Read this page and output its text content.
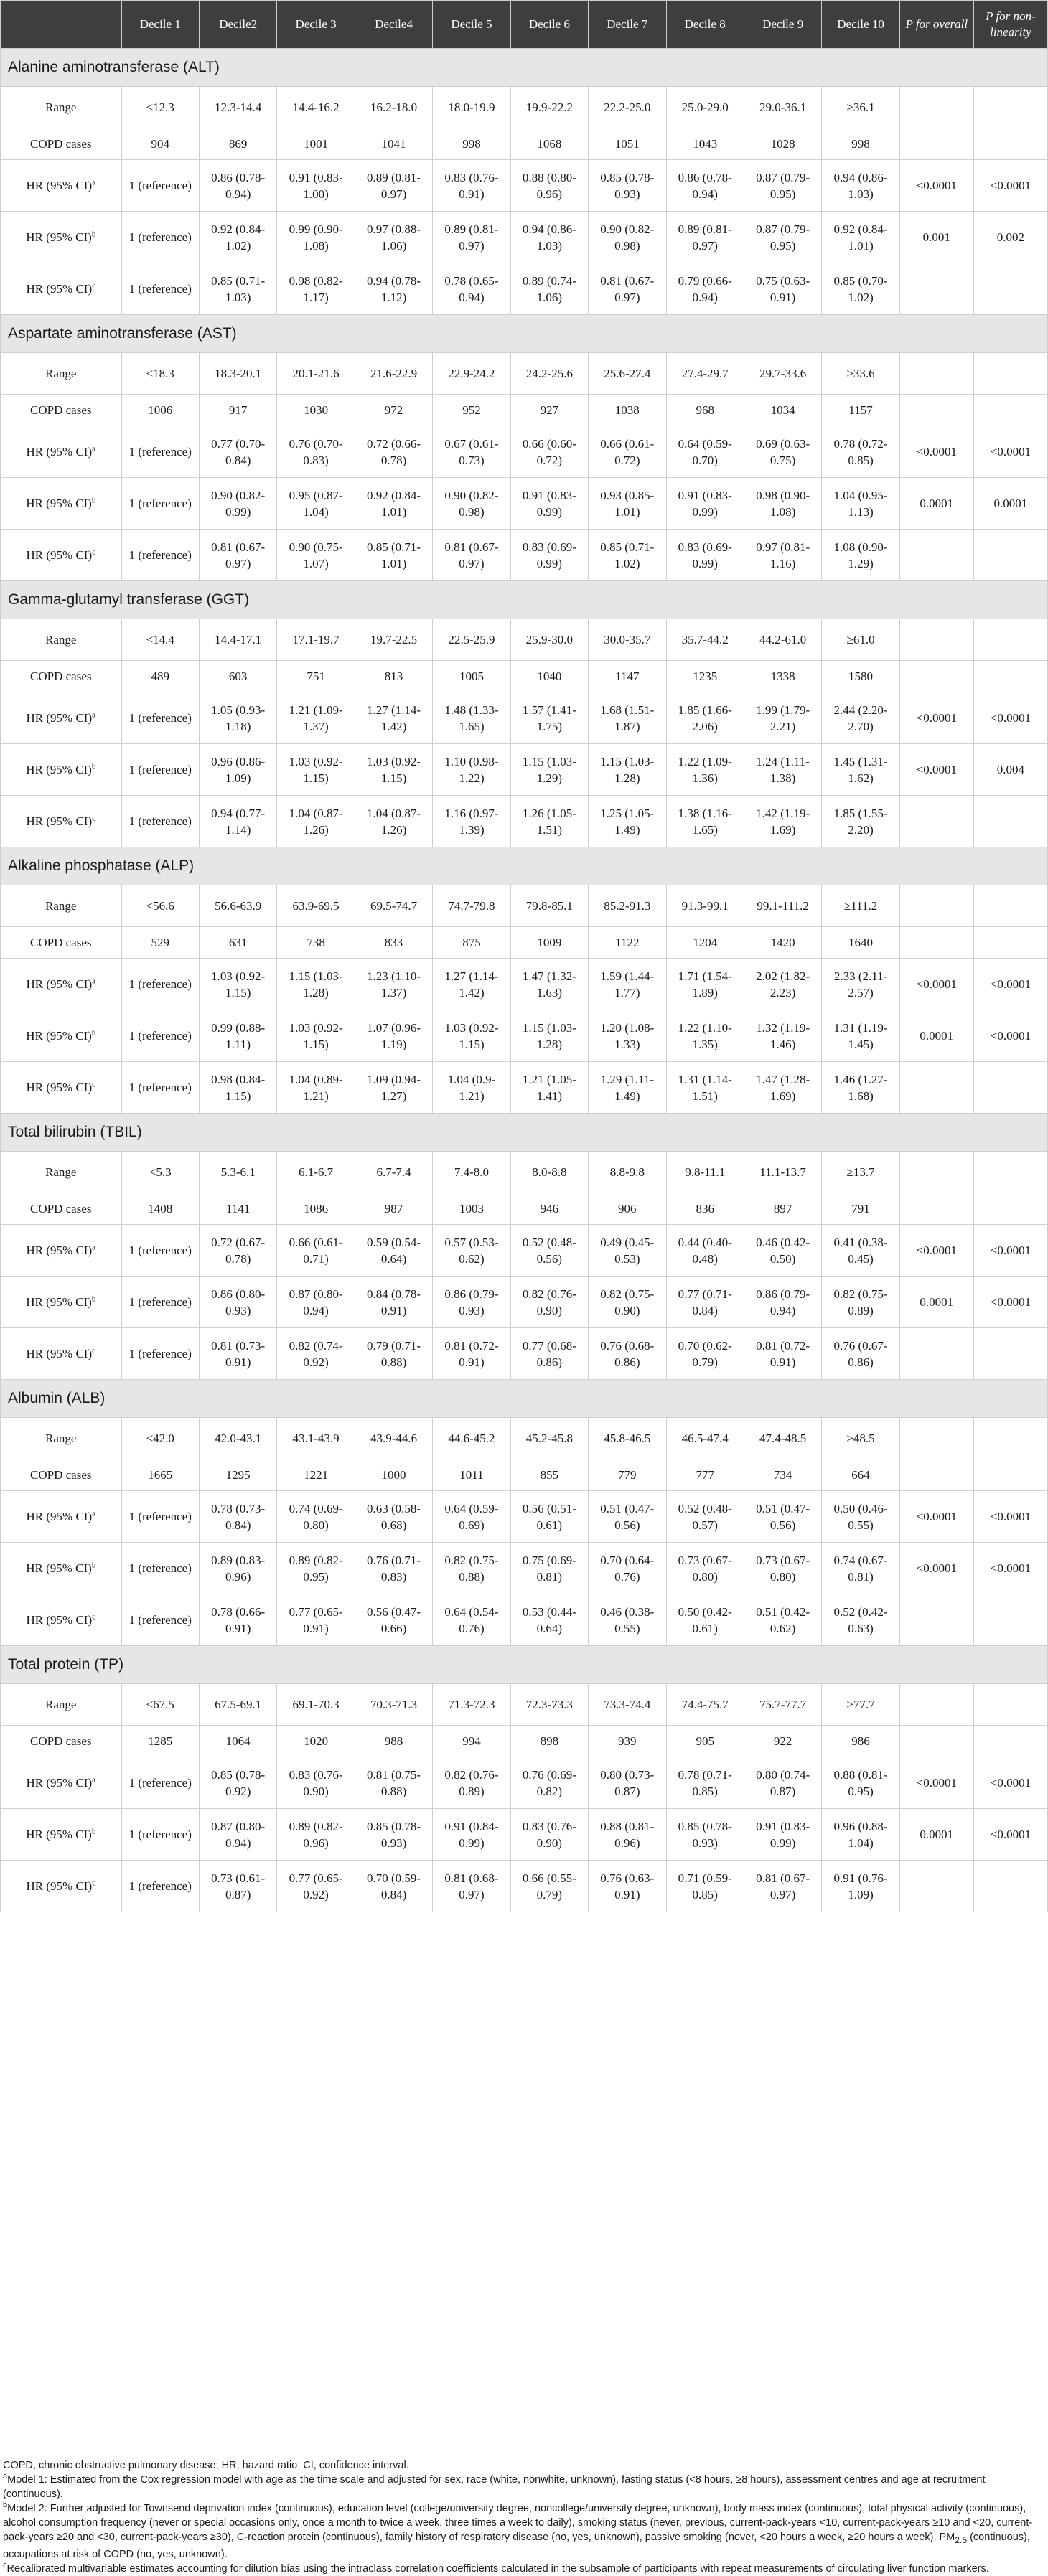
	Decile 1	Decile2	Decile 3	Decile4	Decile 5	Decile 6	Decile 7	Decile 8	Decile 9	Decile 10	P for overall	P for non-linearity
Alanine aminotransferase (ALT)												
Range	<12.3	12.3-14.4	14.4-16.2	16.2-18.0	18.0-19.9	19.9-22.2	22.2-25.0	25.0-29.0	29.0-36.1	≥36.1		
COPD cases	904	869	1001	1041	998	1068	1051	1043	1028	998		
HR (95% CI)$^a$	1 (reference)	0.86 (0.78-0.94)	0.91 (0.83-1.00)	0.89 (0.81-0.97)	0.83 (0.76-0.91)	0.88 (0.80-0.96)	0.85 (0.78-0.93)	0.86 (0.78-0.94)	0.87 (0.79-0.95)	0.94 (0.86-1.03)	<0.0001	<0.0001
HR (95% CI)$^b$	1 (reference)	0.92 (0.84-1.02)	0.99 (0.90-1.08)	0.97 (0.88-1.06)	0.89 (0.81-0.97)	0.94 (0.86-1.03)	0.90 (0.82-0.98)	0.89 (0.81-0.97)	0.87 (0.79-0.95)	0.92 (0.84-1.01)	0.001	0.002
HR (95% CI)$^c$	1 (reference)	0.85 (0.71-1.03)	0.98 (0.82-1.17)	0.94 (0.78-1.12)	0.78 (0.65-0.94)	0.89 (0.74-1.06)	0.81 (0.67-0.97)	0.79 (0.66-0.94)	0.75 (0.63-0.91)	0.85 (0.70-1.02)		
Aspartate aminotransferase (AST)												
Range	<18.3	18.3-20.1	20.1-21.6	21.6-22.9	22.9-24.2	24.2-25.6	25.6-27.4	27.4-29.7	29.7-33.6	≥33.6		
COPD cases	1006	917	1030	972	952	927	1038	968	1034	1157		
HR (95% CI)$^a$	1 (reference)	0.77 (0.70-0.84)	0.76 (0.70-0.83)	0.72 (0.66-0.78)	0.67 (0.61-0.73)	0.66 (0.60-0.72)	0.66 (0.61-0.72)	0.64 (0.59-0.70)	0.69 (0.63-0.75)	0.78 (0.72-0.85)	<0.0001	<0.0001
HR (95% CI)$^b$	1 (reference)	0.90 (0.82-0.99)	0.95 (0.87-1.04)	0.92 (0.84-1.01)	0.90 (0.82-0.98)	0.91 (0.83-0.99)	0.93 (0.85-1.01)	0.91 (0.83-0.99)	0.98 (0.90-1.08)	1.04 (0.95-1.13)	0.0001	0.0001
HR (95% CI)$^c$	1 (reference)	0.81 (0.67-0.97)	0.90 (0.75-1.07)	0.85 (0.71-1.01)	0.81 (0.67-0.97)	0.83 (0.69-0.99)	0.85 (0.71-1.02)	0.83 (0.69-0.99)	0.97 (0.81-1.16)	1.08 (0.90-1.29)		
Gamma-glutamyl transferase (GGT)												
Range	<14.4	14.4-17.1	17.1-19.7	19.7-22.5	22.5-25.9	25.9-30.0	30.0-35.7	35.7-44.2	44.2-61.0	≥61.0		
COPD cases	489	603	751	813	1005	1040	1147	1235	1338	1580		
HR (95% CI)$^a$	1 (reference)	1.05 (0.93-1.18)	1.21 (1.09-1.37)	1.27 (1.14-1.42)	1.48 (1.33-1.65)	1.57 (1.41-1.75)	1.68 (1.51-1.87)	1.85 (1.66-2.06)	1.99 (1.79-2.21)	2.44 (2.20-2.70)	<0.0001	<0.0001
HR (95% CI)$^b$	1 (reference)	0.96 (0.86-1.09)	1.03 (0.92-1.15)	1.03 (0.92-1.15)	1.10 (0.98-1.22)	1.15 (1.03-1.29)	1.15 (1.03-1.28)	1.22 (1.09-1.36)	1.24 (1.11-1.38)	1.45 (1.31-1.62)	<0.0001	0.004
HR (95% CI)$^c$	1 (reference)	0.94 (0.77-1.14)	1.04 (0.87-1.26)	1.04 (0.87-1.26)	1.16 (0.97-1.39)	1.26 (1.05-1.51)	1.25 (1.05-1.49)	1.38 (1.16-1.65)	1.42 (1.19-1.69)	1.85 (1.55-2.20)		
Alkaline phosphatase (ALP)												
Range	<56.6	56.6-63.9	63.9-69.5	69.5-74.7	74.7-79.8	79.8-85.1	85.2-91.3	91.3-99.1	99.1-111.2	≥111.2		
COPD cases	529	631	738	833	875	1009	1122	1204	1420	1640		
HR (95% CI)$^a$	1 (reference)	1.03 (0.92-1.15)	1.15 (1.03-1.28)	1.23 (1.10-1.37)	1.27 (1.14-1.42)	1.47 (1.32-1.63)	1.59 (1.44-1.77)	1.71 (1.54-1.89)	2.02 (1.82-2.23)	2.33 (2.11-2.57)	<0.0001	<0.0001
HR (95% CI)$^b$	1 (reference)	0.99 (0.88-1.11)	1.03 (0.92-1.15)	1.07 (0.96-1.19)	1.03 (0.92-1.15)	1.15 (1.03-1.28)	1.20 (1.08-1.33)	1.22 (1.10-1.35)	1.32 (1.19-1.46)	1.31 (1.19-1.45)	0.0001	<0.0001
HR (95% CI)$^c$	1 (reference)	0.98 (0.84-1.15)	1.04 (0.89-1.21)	1.09 (0.94-1.27)	1.04 (0.9-1.21)	1.21 (1.05-1.41)	1.29 (1.11-1.49)	1.31 (1.14-1.51)	1.47 (1.28-1.69)	1.46 (1.27-1.68)		
Total bilirubin (TBIL)												
Range	<5.3	5.3-6.1	6.1-6.7	6.7-7.4	7.4-8.0	8.0-8.8	8.8-9.8	9.8-11.1	11.1-13.7	≥13.7		
COPD cases	1408	1141	1086	987	1003	946	906	836	897	791		
HR (95% CI)$^a$	1 (reference)	0.72 (0.67-0.78)	0.66 (0.61-0.71)	0.59 (0.54-0.64)	0.57 (0.53-0.62)	0.52 (0.48-0.56)	0.49 (0.45-0.53)	0.44 (0.40-0.48)	0.46 (0.42-0.50)	0.41 (0.38-0.45)	<0.0001	<0.0001
HR (95% CI)$^b$	1 (reference)	0.86 (0.80-0.93)	0.87 (0.80-0.94)	0.84 (0.78-0.91)	0.86 (0.79-0.93)	0.82 (0.76-0.90)	0.82 (0.75-0.90)	0.77 (0.71-0.84)	0.86 (0.79-0.94)	0.82 (0.75-0.89)	0.0001	<0.0001
HR (95% CI)$^c$	1 (reference)	0.81 (0.73-0.91)	0.82 (0.74-0.92)	0.79 (0.71-0.88)	0.81 (0.72-0.91)	0.77 (0.68-0.86)	0.76 (0.68-0.86)	0.70 (0.62-0.79)	0.81 (0.72-0.91)	0.76 (0.67-0.86)		
Albumin (ALB)												
Range	<42.0	42.0-43.1	43.1-43.9	43.9-44.6	44.6-45.2	45.2-45.8	45.8-46.5	46.5-47.4	47.4-48.5	≥48.5		
COPD cases	1665	1295	1221	1000	1011	855	779	777	734	664		
HR (95% CI)$^a$	1 (reference)	0.78 (0.73-0.84)	0.74 (0.69-0.80)	0.63 (0.58-0.68)	0.64 (0.59-0.69)	0.56 (0.51-0.61)	0.51 (0.47-0.56)	0.52 (0.48-0.57)	0.51 (0.47-0.56)	0.50 (0.46-0.55)	<0.0001	<0.0001
HR (95% CI)$^b$	1 (reference)	0.89 (0.83-0.96)	0.89 (0.82-0.95)	0.76 (0.71-0.83)	0.82 (0.75-0.88)	0.75 (0.69-0.81)	0.70 (0.64-0.76)	0.73 (0.67-0.80)	0.73 (0.67-0.80)	0.74 (0.67-0.81)	<0.0001	<0.0001
HR (95% CI)$^c$	1 (reference)	0.78 (0.66-0.91)	0.77 (0.65-0.91)	0.56 (0.47-0.66)	0.64 (0.54-0.76)	0.53 (0.44-0.64)	0.46 (0.38-0.55)	0.50 (0.42-0.61)	0.51 (0.42-0.62)	0.52 (0.42-0.63)		
Total protein (TP)												
Range	<67.5	67.5-69.1	69.1-70.3	70.3-71.3	71.3-72.3	72.3-73.3	73.3-74.4	74.4-75.7	75.7-77.7	≥77.7		
COPD cases	1285	1064	1020	988	994	898	939	905	922	986		
HR (95% CI)$^a$	1 (reference)	0.85 (0.78-0.92)	0.83 (0.76-0.90)	0.81 (0.75-0.88)	0.82 (0.76-0.89)	0.76 (0.69-0.82)	0.80 (0.73-0.87)	0.78 (0.71-0.85)	0.80 (0.74-0.87)	0.88 (0.81-0.95)	<0.0001	<0.0001
HR (95% CI)$^b$	1 (reference)	0.87 (0.80-0.94)	0.89 (0.82-0.96)	0.85 (0.78-0.93)	0.91 (0.84-0.99)	0.83 (0.76-0.90)	0.88 (0.81-0.96)	0.85 (0.78-0.93)	0.91 (0.83-0.99)	0.96 (0.88-1.04)	0.0001	<0.0001
HR (95% CI)$^c$	1 (reference)	0.73 (0.61-0.87)	0.77 (0.65-0.92)	0.70 (0.59-0.84)	0.81 (0.68-0.97)	0.66 (0.55-0.79)	0.76 (0.63-0.91)	0.71 (0.59-0.85)	0.81 (0.67-0.97)	0.91 (0.76-1.09)		

COPD, chronic obstructive pulmonary disease; HR, hazard ratio; CI, confidence interval.

$^a$Model 1: Estimated from the Cox regression model with age as the time scale and adjusted for sex, race (white, nonwhite, unknown), fasting status (<8 hours, ≥8 hours), assessment centres and age at recruitment (continuous).

$^b$Model 2: Further adjusted for Townsend deprivation index (continuous), education level (college/university degree, noncollege/university degree, unknown), body mass index (continuous), total physical activity (continuous), alcohol consumption frequency (never or special occasions only, once a month to twice a week, three times a week to daily), smoking status (never, previous, current-pack-years <10, current-pack-years ≥10 and <20, current-pack-years ≥20 and <30, current-pack-years ≥30), C-reaction protein (continuous), family history of respiratory disease (no, yes, unknown), passive smoking (never, <20 hours a week, ≥20 hours a week), $PM_{2.5}$ (continuous), occupations at risk of COPD (no, yes, unknown).

$^c$Recalibrated multivariable estimates accounting for dilution bias using the intraclass correlation coefficients calculated in the subsample of participants with repeat measurements of circulating liver function markers.
